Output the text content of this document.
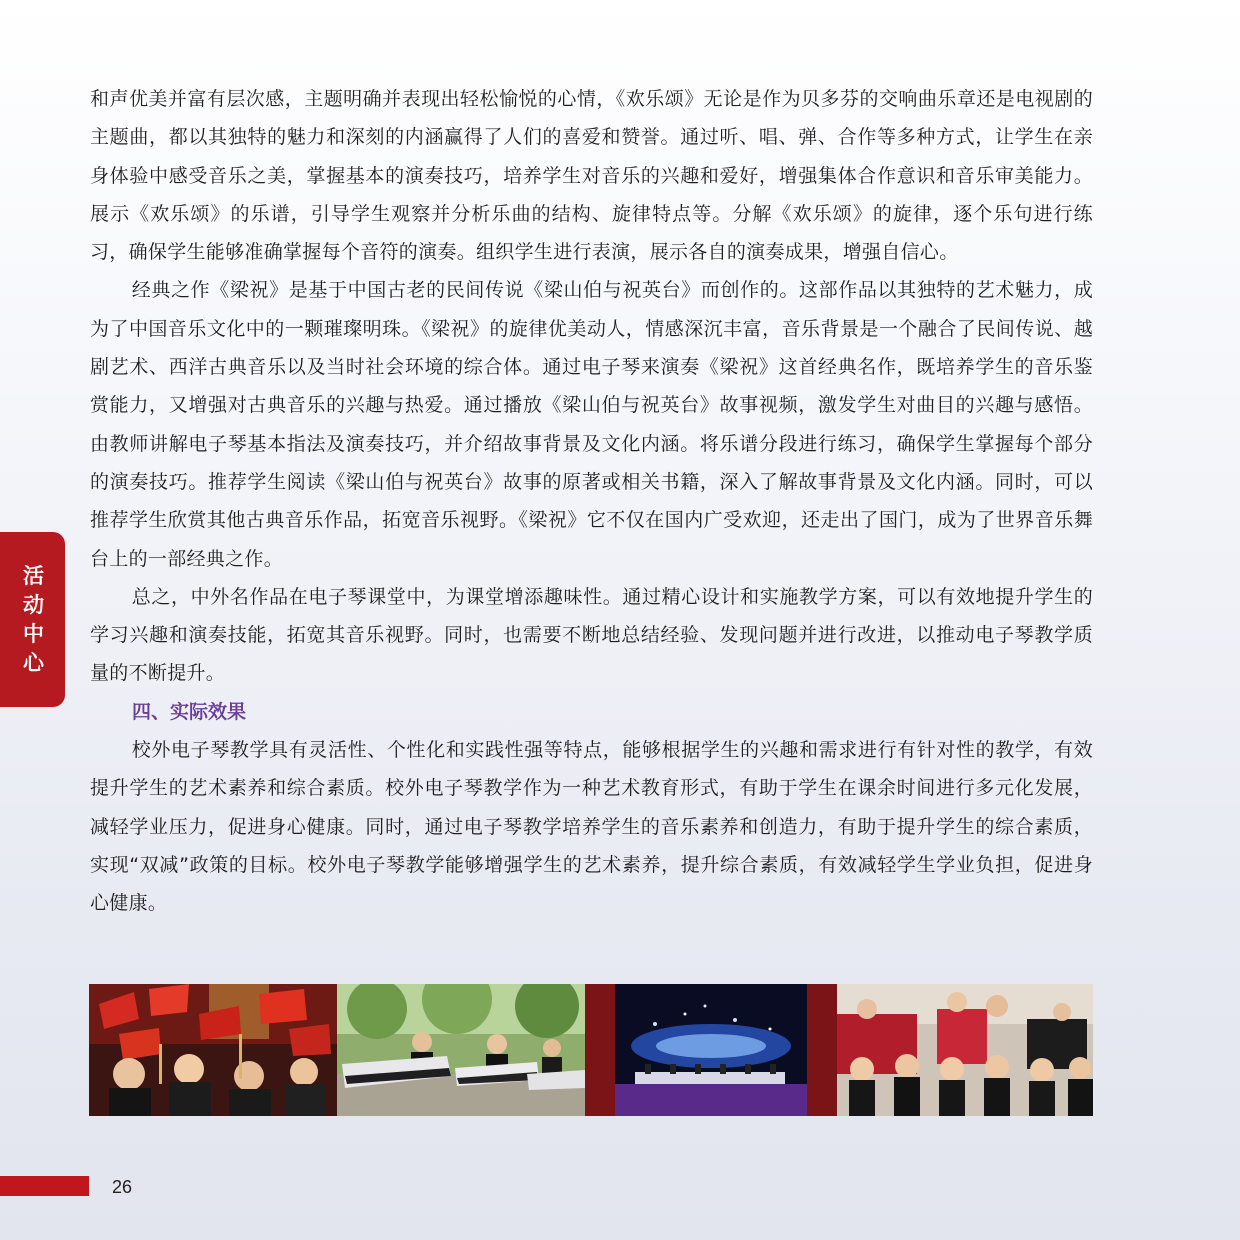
和声优美并富有层次感，主题明确并表现出轻松愉悦的心情，《欢乐颂》无论是作为贝多芬的交响曲乐章还是电视剧的主题曲，都以其独特的魅力和深刻的内涵赢得了人们的喜爱和赞誉。通过听、唱、弹、合作等多种方式，让学生在亲身体验中感受音乐之美，掌握基本的演奏技巧，培养学生对音乐的兴趣和爱好，增强集体合作意识和音乐审美能力。展示《欢乐颂》的乐谱，引导学生观察并分析乐曲的结构、旋律特点等。分解《欢乐颂》的旋律，逐个乐句进行练习，确保学生能够准确掌握每个音符的演奏。组织学生进行表演，展示各自的演奏成果，增强自信心。

经典之作《梁祝》是基于中国古老的民间传说《梁山伯与祝英台》而创作的。这部作品以其独特的艺术魅力，成为了中国音乐文化中的一颗璀璨明珠。《梁祝》的旋律优美动人，情感深沉丰富，音乐背景是一个融合了民间传说、越剧艺术、西洋古典音乐以及当时社会环境的综合体。通过电子琴来演奏《梁祝》这首经典名作，既培养学生的音乐鉴赏能力，又增强对古典音乐的兴趣与热爱。通过播放《梁山伯与祝英台》故事视频，激发学生对曲目的兴趣与感悟。由教师讲解电子琴基本指法及演奏技巧，并介绍故事背景及文化内涵。将乐谱分段进行练习，确保学生掌握每个部分的演奏技巧。推荐学生阅读《梁山伯与祝英台》故事的原著或相关书籍，深入了解故事背景及文化内涵。同时，可以推荐学生欣赏其他古典音乐作品，拓宽音乐视野。《梁祝》它不仅在国内广受欢迎，还走出了国门，成为了世界音乐舞台上的一部经典之作。

总之，中外名作品在电子琴课堂中，为课堂增添趣味性。通过精心设计和实施教学方案，可以有效地提升学生的学习兴趣和演奏技能，拓宽其音乐视野。同时，也需要不断地总结经验、发现问题并进行改进，以推动电子琴教学质量的不断提升。

四、实际效果

校外电子琴教学具有灵活性、个性化和实践性强等特点，能够根据学生的兴趣和需求进行有针对性的教学，有效提升学生的艺术素养和综合素质。校外电子琴教学作为一种艺术教育形式，有助于学生在课余时间进行多元化发展，减轻学业压力，促进身心健康。同时，通过电子琴教学培养学生的音乐素养和创造力，有助于提升学生的综合素质，实现“双减”政策的目标。校外电子琴教学能够增强学生的艺术素养，提升综合素质，有效减轻学生学业负担，促进身心健康。

活
动
中
心
26
